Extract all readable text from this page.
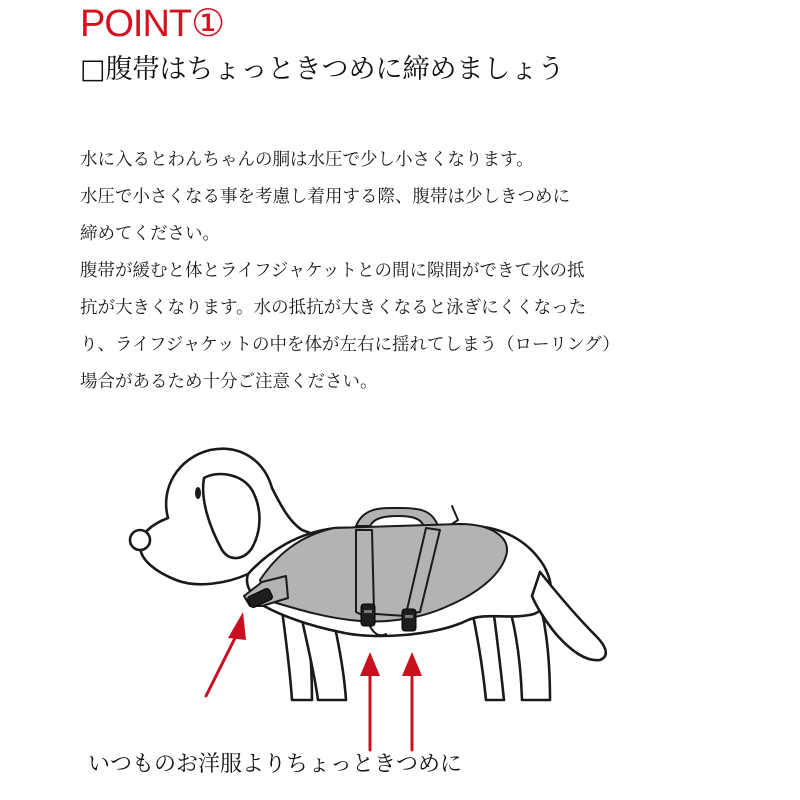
POINT①
□腹帯はちょっときつめに締めましょう

水に入るとわんちゃんの胴は水圧で少し小さくなります。

水圧で小さくなる事を考慮し着用する際、腹帯は少しきつめに

締めてください。

腹帯が緩むと体とライフジャケットとの間に隙間ができて水の抵

抗が大きくなります。水の抵抗が大きくなると泳ぎにくくなった

り、ライフジャケットの中を体が左右に揺れてしまう（ローリング）

場合があるため十分ご注意ください。

いつものお洋服よりちょっときつめに
